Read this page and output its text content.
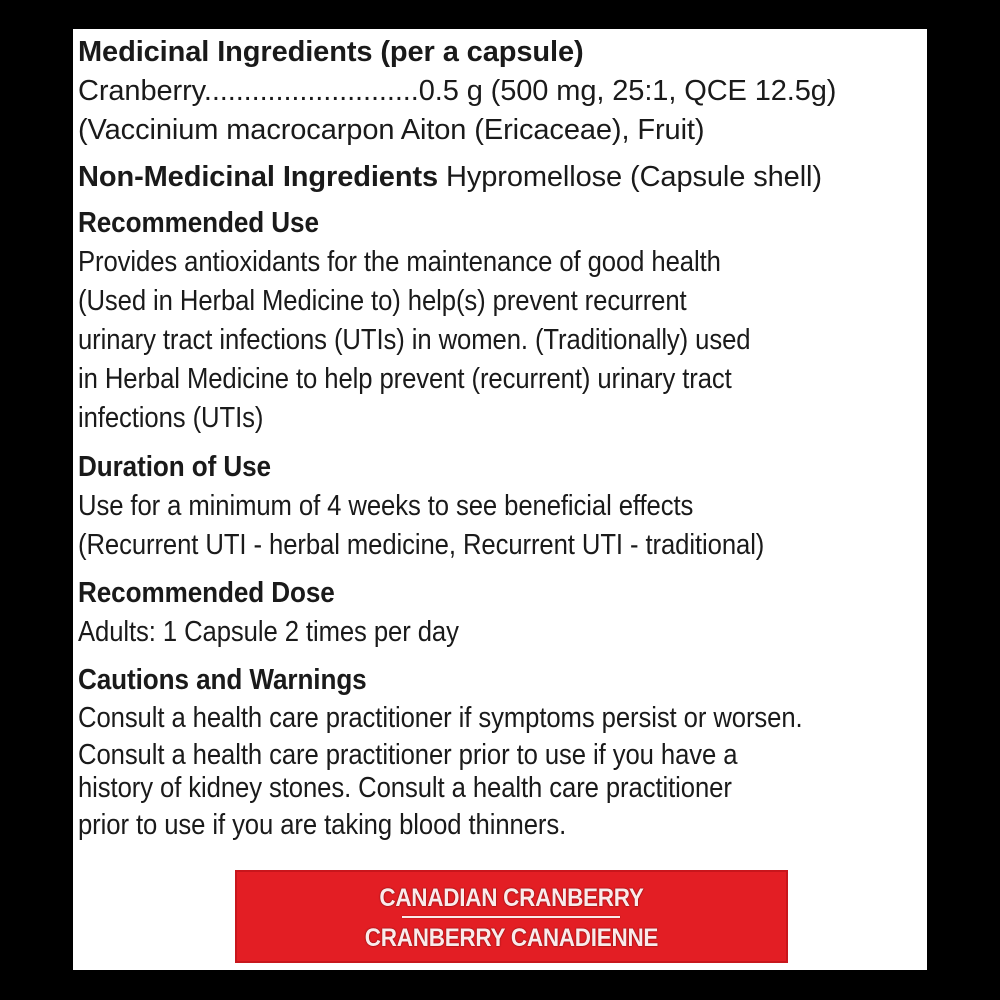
Medicinal Ingredients (per a capsule)
Cranberry...........................0.5 g (500 mg, 25:1, QCE 12.5g)
(Vaccinium macrocarpon Aiton (Ericaceae), Fruit)
Non-Medicinal Ingredients Hypromellose (Capsule shell)
Recommended Use
Provides antioxidants for the maintenance of good health
(Used in Herbal Medicine to) help(s) prevent recurrent
urinary tract infections (UTIs) in women. (Traditionally) used
in Herbal Medicine to help prevent (recurrent) urinary tract
infections (UTIs)
Duration of Use
Use for a minimum of 4 weeks to see beneficial effects
(Recurrent UTI - herbal medicine, Recurrent UTI - traditional)
Recommended Dose
Adults: 1 Capsule 2 times per day
Cautions and Warnings
Consult a health care practitioner if symptoms persist or worsen.
Consult a health care practitioner prior to use if you have a
history of kidney stones. Consult a health care practitioner
prior to use if you are taking blood thinners.
CANADIAN CRANBERRY
CRANBERRY CANADIENNE
